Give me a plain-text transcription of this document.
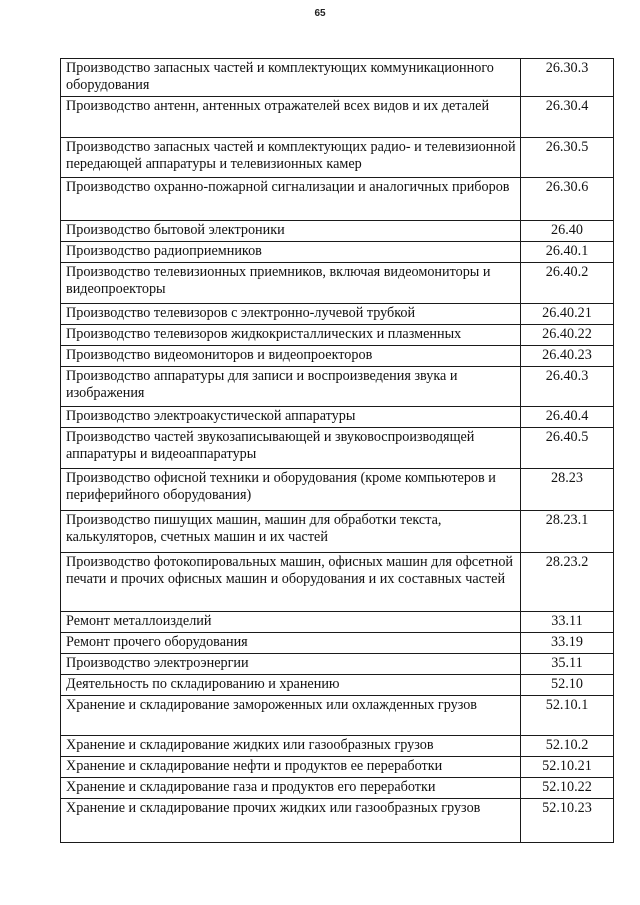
65
Производство запасных частей и комплектующих коммуникационного оборудования	26.30.3
Производство антенн, антенных отражателей всех видов и их деталей	26.30.4
Производство запасных частей и комплектующих радио- и телевизионной передающей аппаратуры и телевизионных камер	26.30.5
Производство охранно-пожарной сигнализации и аналогичных приборов	26.30.6
Производство бытовой электроники	26.40
Производство радиоприемников	26.40.1
Производство телевизионных приемников, включая видеомониторы и видеопроекторы	26.40.2
Производство телевизоров с электронно-лучевой трубкой	26.40.21
Производство телевизоров жидкокристаллических и плазменных	26.40.22
Производство видеомониторов и видеопроекторов	26.40.23
Производство аппаратуры для записи и воспроизведения звука и изображения	26.40.3
Производство электроакустической аппаратуры	26.40.4
Производство частей звукозаписывающей и звуковоспроизводящей аппаратуры и видеоаппаратуры	26.40.5
Производство офисной техники и оборудования (кроме компьютеров и периферийного оборудования)	28.23
Производство пишущих машин, машин для обработки текста, калькуляторов, счетных машин и их частей	28.23.1
Производство фотокопировальных машин, офисных машин для офсетной печати и прочих офисных машин и оборудования и их составных частей	28.23.2
Ремонт металлоизделий	33.11
Ремонт прочего оборудования	33.19
Производство электроэнергии	35.11
Деятельность по складированию и хранению	52.10
Хранение и складирование замороженных или охлажденных грузов	52.10.1
Хранение и складирование жидких или газообразных грузов	52.10.2
Хранение и складирование нефти и продуктов ее переработки	52.10.21
Хранение и складирование газа и продуктов его переработки	52.10.22
Хранение и складирование прочих жидких или газообразных грузов	52.10.23
